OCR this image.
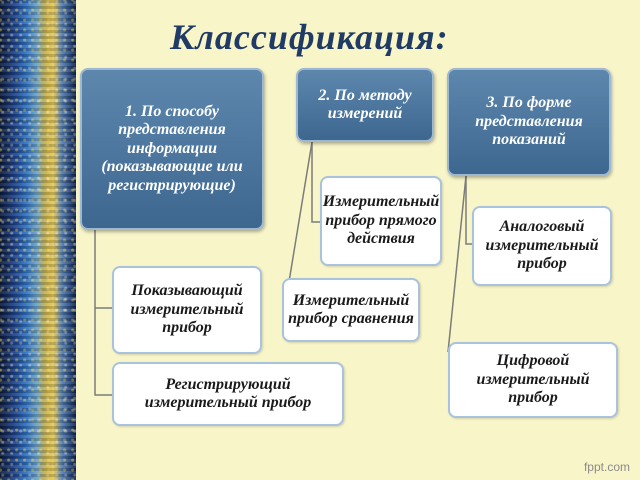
Классификация:
1. По способу представления информации (показывающие или регистрирующие)
2. По методу измерений
3. По форме представления показаний
Измерительный прибор прямого действия
Измерительный прибор сравнения
Аналоговый измерительный прибор
Показывающий измерительный прибор
Цифровой измерительный прибор
Регистрирующий измерительный прибор
fppt.com
